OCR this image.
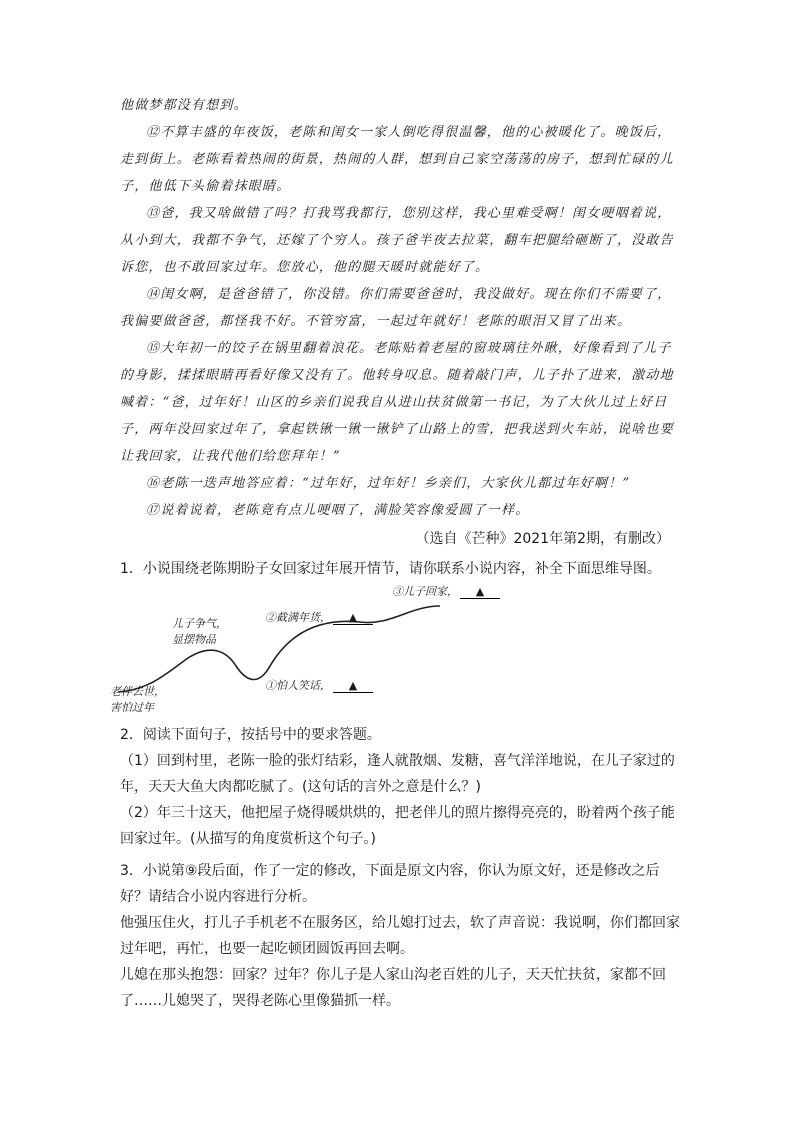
他做梦都没有想到。

⑫不算丰盛的年夜饭，老陈和闺女一家人倒吃得很温馨，他的心被暖化了。晚饭后，走到街上。老陈看着热闹的街景，热闹的人群，想到自己家空荡荡的房子，想到忙碌的儿子，他低下头偷着抹眼睛。

⑬爸，我又啥做错了吗？打我骂我都行，您别这样，我心里难受啊！闺女哽咽着说，从小到大，我都不争气，还嫁了个穷人。孩子爸半夜去拉菜，翻车把腿给砸断了，没敢告诉您，也不敢回家过年。您放心，他的腿天暖时就能好了。

⑭闺女啊，是爸爸错了，你没错。你们需要爸爸时，我没做好。现在你们不需要了，我偏要做爸爸，都怪我不好。不管穷富，一起过年就好！老陈的眼泪又冒了出来。

⑮大年初一的饺子在锅里翻着浪花。老陈贴着老屋的窗玻璃往外瞅，好像看到了儿子的身影，揉揉眼睛再看好像又没有了。他转身叹息。随着敲门声，儿子扑了进来，激动地喊着：“爸，过年好！山区的乡亲们说我自从进山扶贫做第一书记，为了大伙儿过上好日子，两年没回家过年了，拿起铁锹一锹一锹铲了山路上的雪，把我送到火车站，说啥也要让我回家，让我代他们给您拜年！”

⑯老陈一迭声地答应着：“过年好，过年好！乡亲们，大家伙儿都过年好啊！”

⑰说着说着，老陈竟有点儿哽咽了，满脸笑容像爱圆了一样。

（选自《芒种》2021年第2期，有删改）

1．小说围绕老陈期盼子女回家过年展开情节，请你联系小说内容，补全下面思维导图。

老伴去世，
害怕过年
儿子争气，
显摆物品
①怕人笑话， ▲
②截满年货， ▲
③儿子回家， ▲

2．阅读下面句子，按括号中的要求答题。

（1）回到村里，老陈一脸的张灯结彩，逢人就散烟、发糖，喜气洋洋地说，在儿子家过的年，天天大鱼大肉都吃腻了。(这句话的言外之意是什么？)

（2）年三十这天，他把屋子烧得暖烘烘的，把老伴儿的照片擦得亮亮的，盼着两个孩子能回家过年。(从描写的角度赏析这个句子。)

3．小说第⑨段后面，作了一定的修改，下面是原文内容，你认为原文好，还是修改之后好？请结合小说内容进行分析。

他强压住火，打儿子手机老不在服务区，给儿媳打过去，软了声音说：我说啊，你们都回家过年吧，再忙，也要一起吃顿团圆饭再回去啊。

儿媳在那头抱怨：回家？过年？你儿子是人家山沟老百姓的儿子，天天忙扶贫，家都不回了……儿媳哭了，哭得老陈心里像猫抓一样。
